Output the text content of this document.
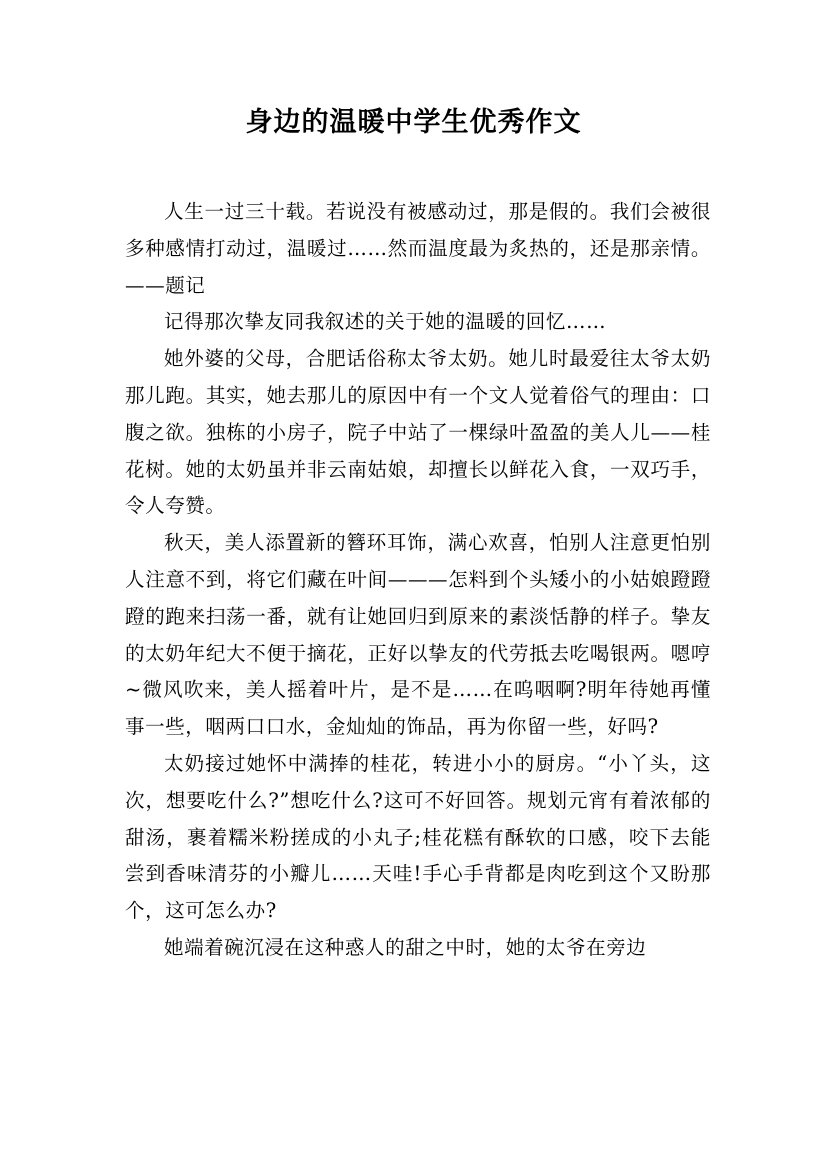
身边的温暖中学生优秀作文

人生一过三十载。若说没有被感动过，那是假的。我们会被很多种感情打动过，温暖过……然而温度最为炙热的，还是那亲情。——题记

记得那次挚友同我叙述的关于她的温暖的回忆……

她外婆的父母，合肥话俗称太爷太奶。她儿时最爱往太爷太奶那儿跑。其实，她去那儿的原因中有一个文人觉着俗气的理由：口腹之欲。独栋的小房子，院子中站了一棵绿叶盈盈的美人儿——桂花树。她的太奶虽并非云南姑娘，却擅长以鲜花入食，一双巧手，令人夸赞。

秋天，美人添置新的簪环耳饰，满心欢喜，怕别人注意更怕别人注意不到，将它们藏在叶间———怎料到个头矮小的小姑娘蹬蹬蹬的跑来扫荡一番，就有让她回归到原来的素淡恬静的样子。挚友的太奶年纪大不便于摘花，正好以挚友的代劳抵去吃喝银两。嗯哼~微风吹来，美人摇着叶片，是不是……在呜咽啊?明年待她再懂事一些，咽两口口水，金灿灿的饰品，再为你留一些，好吗?

太奶接过她怀中满捧的桂花，转进小小的厨房。“小丫头，这次，想要吃什么?”想吃什么?这可不好回答。规划元宵有着浓郁的甜汤，裹着糯米粉搓成的小丸子;桂花糕有酥软的口感，咬下去能尝到香味清芬的小瓣儿……天哇!手心手背都是肉吃到这个又盼那个，这可怎么办?

她端着碗沉浸在这种惑人的甜之中时，她的太爷在旁边
